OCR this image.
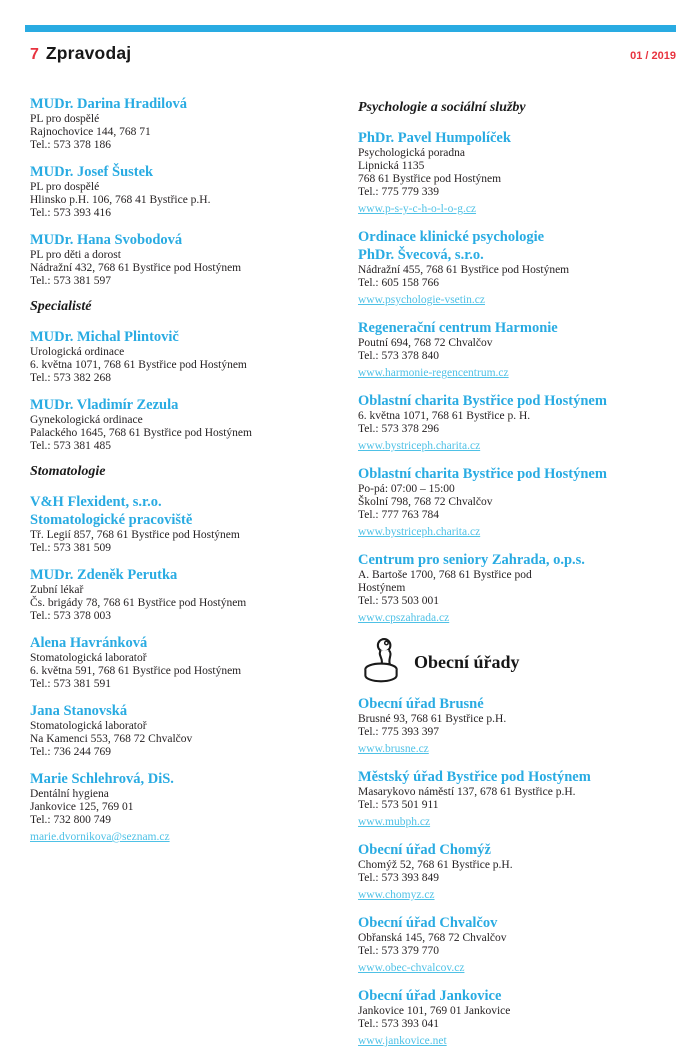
7 Zpravodaj	01 / 2019
MUDr. Darina Hradilová
PL pro dospělé
Rajnochovice 144, 768 71
Tel.: 573 378 186
MUDr. Josef Šustek
PL pro dospělé
Hlinsko p.H. 106, 768 41 Bystřice p.H.
Tel.: 573 393 416
MUDr. Hana Svobodová
PL pro děti a dorost
Nádražní 432, 768 61 Bystřice pod Hostýnem
Tel.: 573 381 597
Specialisté
MUDr. Michal Plintovič
Urologická ordinace
6. května 1071, 768 61 Bystřice pod Hostýnem
Tel.: 573 382 268
MUDr. Vladimír Zezula
Gynekologická ordinace
Palackého 1645, 768 61 Bystřice pod Hostýnem
Tel.: 573 381 485
Stomatologie
V&H Flexident, s.r.o.
Stomatologické pracoviště
Tř. Legií 857, 768 61 Bystřice pod Hostýnem
Tel.: 573 381 509
MUDr. Zdeněk Perutka
Zubní lékař
Čs. brigády 78, 768 61 Bystřice pod Hostýnem
Tel.: 573 378 003
Alena Havránková
Stomatologická laboratoř
6. května 591, 768 61 Bystřice pod Hostýnem
Tel.: 573 381 591
Jana Stanovská
Stomatologická laboratoř
Na Kamenci 553, 768 72 Chvalčov
Tel.: 736 244 769
Marie Schlehrová, DiS.
Dentální hygiena
Jankovice 125, 769 01
Tel.: 732 800 749
marie.dvornikova@seznam.cz
Psychologie a sociální služby
PhDr. Pavel Humpolíček
Psychologická poradna
Lipnická 1135
768 61 Bystřice pod Hostýnem
Tel.: 775 779 339
www.p-s-y-c-h-o-l-o-g.cz
Ordinace klinické psychologie
PhDr. Švecová, s.r.o.
Nádražní 455, 768 61 Bystřice pod Hostýnem
Tel.: 605 158 766
www.psychologie-vsetin.cz
Regenerační centrum Harmonie
Poutní 694, 768 72 Chvalčov
Tel.: 573 378 840
www.harmonie-regencentrum.cz
Oblastní charita Bystřice pod Hostýnem
6. května 1071, 768 61 Bystřice p. H.
Tel.: 573 378 296
www.bystriceph.charita.cz
Oblastní charita Bystřice pod Hostýnem
Po-pá: 07:00 – 15:00
Školní 798, 768 72 Chvalčov
Tel.: 777 763 784
www.bystriceph.charita.cz
Centrum pro seniory Zahrada, o.p.s.
A. Bartoše 1700, 768 61 Bystřice pod
Hostýnem
Tel.: 573 503 001
www.cpszahrada.cz
Obecní úřady
Obecní úřad Brusné
Brusné 93, 768 61 Bystřice p.H.
Tel.: 775 393 397
www.brusne.cz
Městský úřad Bystřice pod Hostýnem
Masarykovo náměstí 137, 678 61 Bystřice p.H.
Tel.: 573 501 911
www.mubph.cz
Obecní úřad Chomýž
Chomýž 52, 768 61 Bystřice p.H.
Tel.: 573 393 849
www.chomyz.cz
Obecní úřad Chvalčov
Obřanská 145, 768 72 Chvalčov
Tel.: 573 379 770
www.obec-chvalcov.cz
Obecní úřad Jankovice
Jankovice 101, 769 01 Jankovice
Tel.: 573 393 041
www.jankovice.net
